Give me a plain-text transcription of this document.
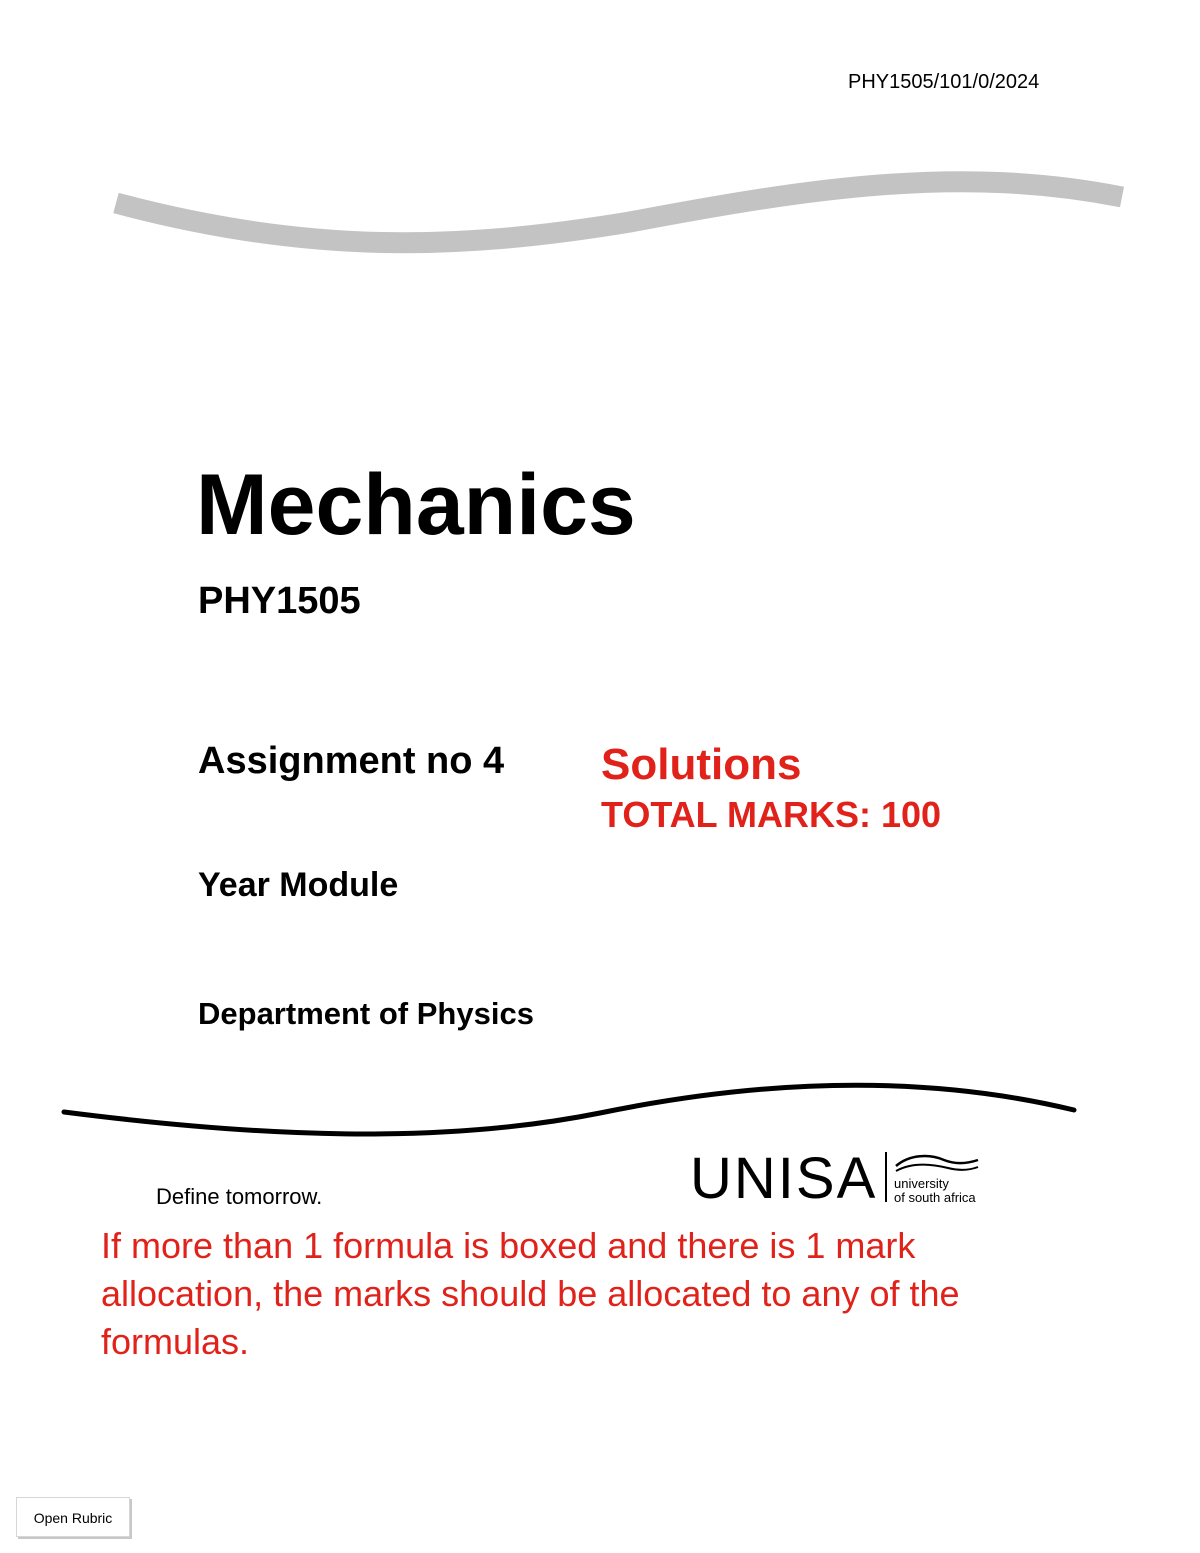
PHY1505/101/0/2024
Mechanics
PHY1505
Assignment no 4 Solutions
TOTAL MARKS: 100
Year Module
Department of Physics
Define tomorrow.	UNISA university
of south africa
If more than 1 formula is boxed and there is 1 mark allocation, the marks should be allocated to any of the formulas.
Open Rubric
